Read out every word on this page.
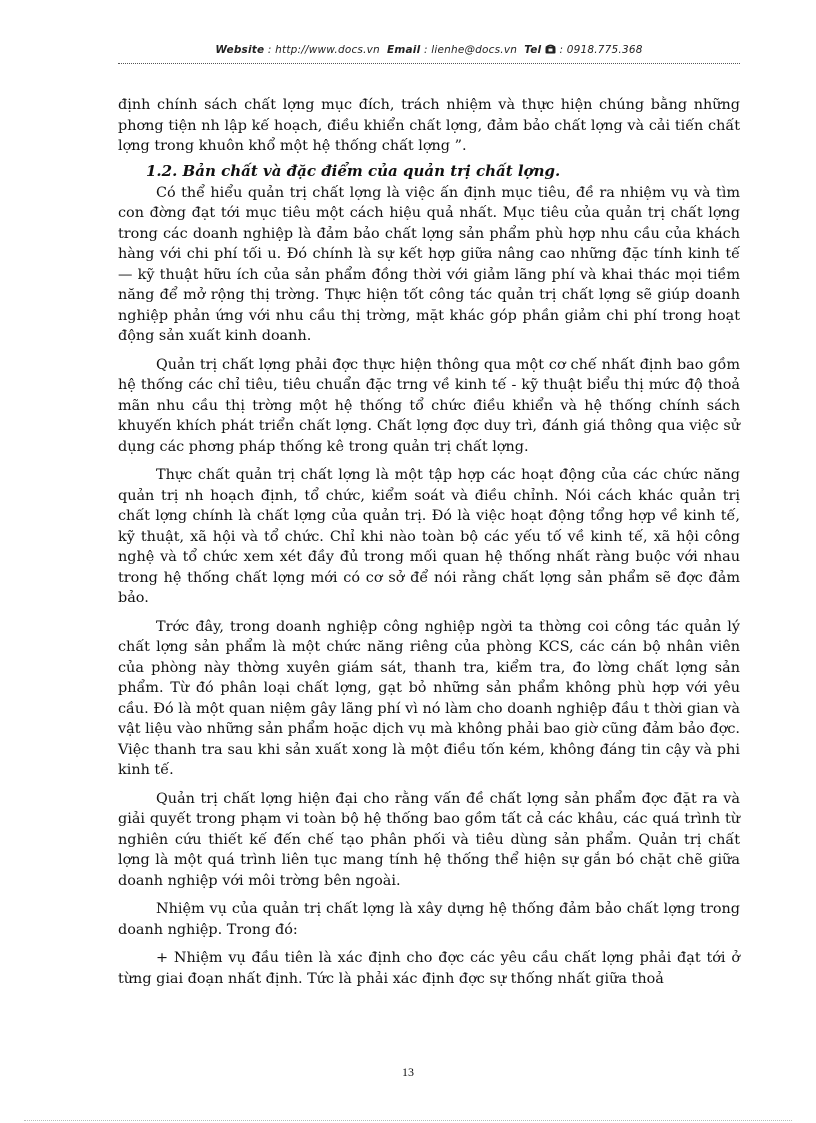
Website : http://www.docs.vn Email : lienhe@docs.vn Tel : 0918.775.368

định chính sách chất lợng mục đích, trách nhiệm và thực hiện chúng bằng những phơng tiện nh lập kế hoạch, điều khiển chất lợng, đảm bảo chất lợng và cải tiến chất lợng trong khuôn khổ một hệ thống chất lợng ”.

1.2. Bản chất và đặc điểm của quản trị chất lợng.

Có thể hiểu quản trị chất lợng là việc ấn định mục tiêu, đề ra nhiệm vụ và tìm con đờng đạt tới mục tiêu một cách hiệu quả nhất. Mục tiêu của quản trị chất lợng trong các doanh nghiệp là đảm bảo chất lợng sản phẩm phù hợp nhu cầu của khách hàng với chi phí tối u. Đó chính là sự kết hợp giữa nâng cao những đặc tính kinh tế — kỹ thuật hữu ích của sản phẩm đồng thời với giảm lãng phí và khai thác mọi tiềm năng để mở rộng thị trờng. Thực hiện tốt công tác quản trị chất lợng sẽ giúp doanh nghiệp phản ứng với nhu cầu thị trờng, mặt khác góp phần giảm chi phí trong hoạt động sản xuất kinh doanh.

Quản trị chất lợng phải đợc thực hiện thông qua một cơ chế nhất định bao gồm hệ thống các chỉ tiêu, tiêu chuẩn đặc trng về kinh tế - kỹ thuật biểu thị mức độ thoả mãn nhu cầu thị trờng một hệ thống tổ chức điều khiển và hệ thống chính sách khuyến khích phát triển chất lợng. Chất lợng đợc duy trì, đánh giá thông qua việc sử dụng các phơng pháp thống kê trong quản trị chất lợng.

Thực chất quản trị chất lợng là một tập hợp các hoạt động của các chức năng quản trị nh hoạch định, tổ chức, kiểm soát và điều chỉnh. Nói cách khác quản trị chất lợng chính là chất lợng của quản trị. Đó là việc hoạt động tổng hợp về kinh tế, kỹ thuật, xã hội và tổ chức. Chỉ khi nào toàn bộ các yếu tố về kinh tế, xã hội công nghệ và tổ chức xem xét đầy đủ trong mối quan hệ thống nhất ràng buộc với nhau trong hệ thống chất lợng mới có cơ sở để nói rằng chất lợng sản phẩm sẽ đợc đảm bảo.

Trớc đây, trong doanh nghiệp công nghiệp ngời ta thờng coi công tác quản lý chất lợng sản phẩm là một chức năng riêng của phòng KCS, các cán bộ nhân viên của phòng này thờng xuyên giám sát, thanh tra, kiểm tra, đo lờng chất lợng sản phẩm. Từ đó phân loại chất lợng, gạt bỏ những sản phẩm không phù hợp với yêu cầu. Đó là một quan niệm gây lãng phí vì nó làm cho doanh nghiệp đầu t thời gian và vật liệu vào những sản phẩm hoặc dịch vụ mà không phải bao giờ cũng đảm bảo đợc. Việc thanh tra sau khi sản xuất xong là một điều tốn kém, không đáng tin cậy và phi kinh tế.

Quản trị chất lợng hiện đại cho rằng vấn đề chất lợng sản phẩm đợc đặt ra và giải quyết trong phạm vi toàn bộ hệ thống bao gồm tất cả các khâu, các quá trình từ nghiên cứu thiết kế đến chế tạo phân phối và tiêu dùng sản phẩm. Quản trị chất lợng là một quá trình liên tục mang tính hệ thống thể hiện sự gắn bó chặt chẽ giữa doanh nghiệp với môi trờng bên ngoài.

Nhiệm vụ của quản trị chất lợng là xây dựng hệ thống đảm bảo chất lợng trong doanh nghiệp. Trong đó:

+ Nhiệm vụ đầu tiên là xác định cho đợc các yêu cầu chất lợng phải đạt tới ở từng giai đoạn nhất định. Tức là phải xác định đợc sự thống nhất giữa thoả

13
